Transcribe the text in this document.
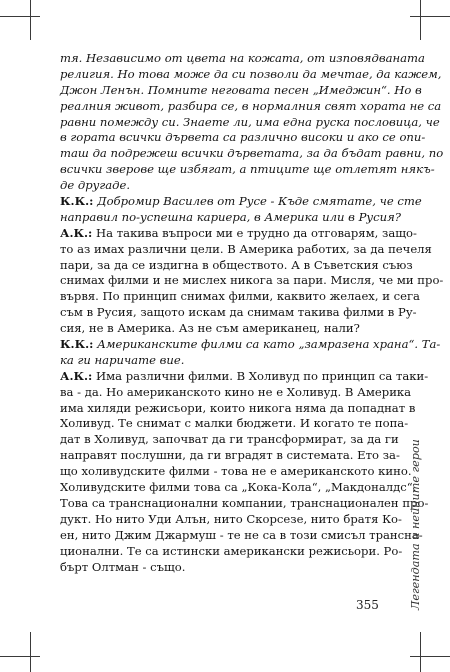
тя. Независимо от цвета на кожата, от изповядваната
религия. Но това може да си позволи да мечтае, да кажем,
Джон Ленън. Помните неговата песен „Имеджин“. Но в
реалния живот, разбира се, в нормалния свят хората не са
равни помежду си. Знаете ли, има една руска пословица, че
в гората всички дървета са различно високи и ако се опи-
таш да подрежеш всички дърветата, за да бъдат равни, по
всички зверове ще избягат, а птиците ще отлетят някъ-
де другаде.
К.К.: Добромир Василев от Русе - Къде смятате, че сте
направил по-успешна кариера, в Америка или в Русия?
А.К.: На такива въпроси ми е трудно да отговарям, защо-
то аз имах различни цели. В Америка работих, за да печеля
пари, за да се издигна в обществото. А в Съветския съюз
снимах филми и не мислех никога за пари. Мисля, че ми про-
вървя. По принцип снимах филми, каквито желаех, и сега
съм в Русия, защото искам да снимам такива филми в Ру-
сия, не в Америка. Аз не съм американец, нали?
К.К.: Американските филми са като „замразена храна“. Та-
ка ги наричате вие.
А.К.: Има различни филми. В Холивуд по принцип са таки-
ва - да. Но американското кино не е Холивуд. В Америка
има хиляди режисьори, които никога няма да попаднат в
Холивуд. Те снимат с малки бюджети. И когато те попа-
дат в Холивуд, започват да ги трансформират, за да ги
направят послушни, да ги вградят в системата. Ето за-
що холивудските филми - това не е американското кино.
Холивудските филми това са „Кока-Кола“, „Макдоналдс“.
Това са транснационални компании, транснационален про-
дукт. Но нито Уди Алън, нито Скорсезе, нито братя Ко-
ен, нито Джим Джармуш - те не са в този смисъл трансна-
ционални. Те са истински американски режисьори. Ро-
бърт Олтман - също.	Легендата и нейните герои
355
